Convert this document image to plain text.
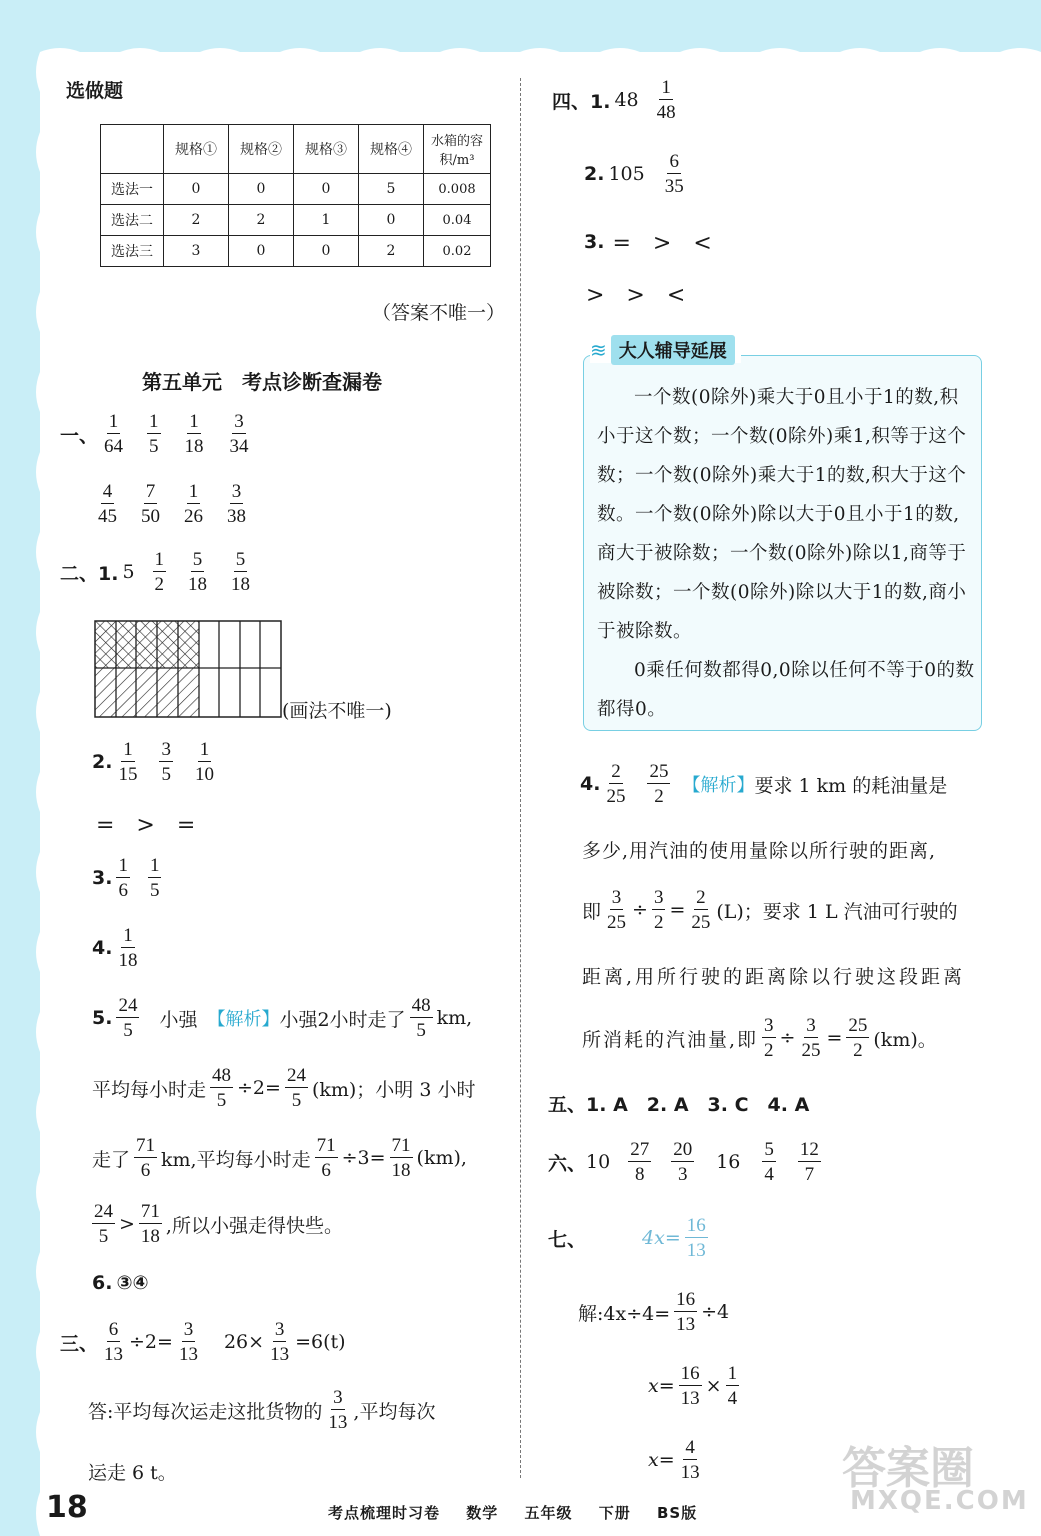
选做题
	规格①	规格②	规格③	规格④	水箱的容积/m³
选法一	0	0	0	5	0.008
选法二	2	2	1	0	0.04
选法三	3	0	0	2	0.02
（答案不唯一）
第五单元　考点诊断查漏卷
一、 $\frac{1}{64} \frac{1}{5} \frac{1}{18} \frac{3}{34}$
$\frac{4}{45} \frac{7}{50} \frac{1}{26} \frac{3}{38}$
二、1. $5 \frac{1}{2} \frac{5}{18} \frac{5}{18}$
(画法不唯一)
2. $\frac{1}{15} \frac{3}{5} \frac{1}{10}$
=　>　=
3. $\frac{1}{6} \frac{1}{5}$
4. $\frac{1}{18}$
5. $\frac{24}{5}$ 小强 【解析】 小强2小时走了 $\frac{48}{5}$ km,
平均每小时走 $\frac{48}{5} \div 2= \frac{24}{5} (km)$；小明 3 小时
走了 $\frac{71}{6}$ km,平均每小时走 $\frac{71}{6} \div 3= \frac{71}{18} (km)$,
$\frac{24}{5} > \frac{71}{18}$ ,所以小强走得快些。
6. ③④
三、 $\frac{6}{13} \div 2= \frac{3}{13} 26\times \frac{3}{13} =6(t)$
答:平均每次运走这批货物的 $\frac{3}{13}$ ,平均每次
运走 6 t。
四、1. $48 \frac{1}{48}$
2. $105 \frac{6}{35}$
3. =　>　<
>　>　<
≋ 大人辅导延展
一个数(0除外)乘大于0且小于1的数,积小于这个数；一个数(0除外)乘1,积等于这个数；一个数(0除外)乘大于1的数,积大于这个数。一个数(0除外)除以大于0且小于1的数,商大于被除数；一个数(0除外)除以1,商等于被除数；一个数(0除外)除以大于1的数,商小于被除数。
0乘任何数都得0,0除以任何不等于0的数都得0。
4. $\frac{2}{25} \frac{25}{2}$ 【解析】 要求 1 km 的耗油量是
多少,用汽油的使用量除以所行驶的距离,
即 $\frac{3}{25} \div \frac{3}{2} = \frac{2}{25} (L)$；要求 1 L 汽油可行驶的
距离,用所行驶的距离除以行驶这段距离
所消耗的汽油量,即 $\frac{3}{2} \div \frac{3}{25} = \frac{25}{2} (km)$。
五、 1. A　2. A　3. C　4. A
六、 $10 \frac{27}{8} \frac{20}{3} 16 \frac{5}{4} \frac{12}{7}$
七、	$4x= \frac{16}{13}$
解:4x÷4= $\frac{16}{13} \div 4$
$x= \frac{16}{13} \times \frac{1}{4}$
$x= \frac{4}{13}$
18	考点梳理时习卷 数学 五年级 下册 BS版
答案圈
MXQE.COM
